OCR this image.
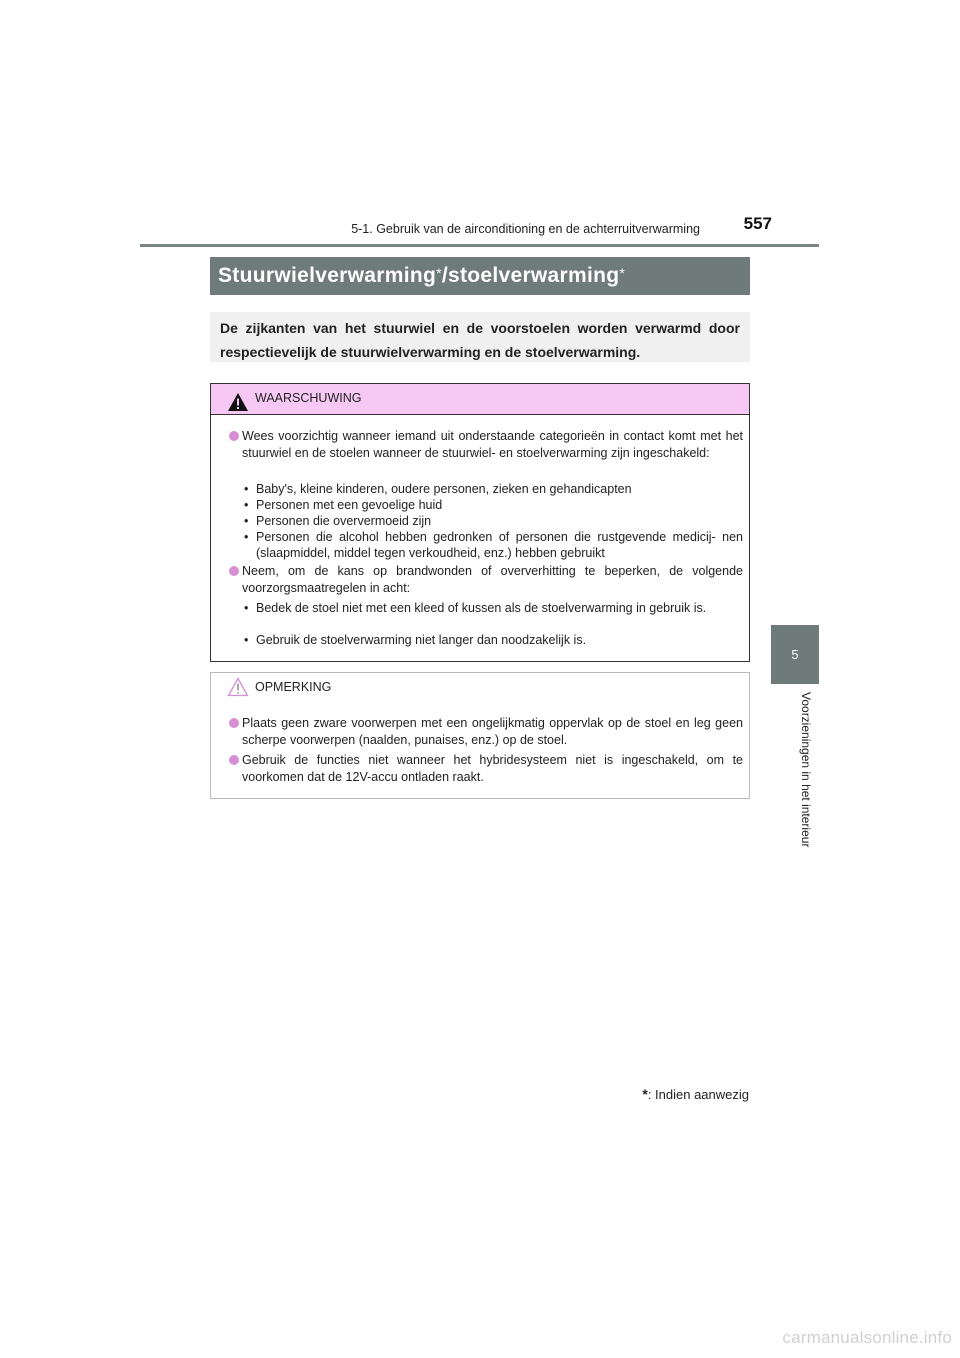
5-1. Gebruik van de airconditioning en de achterruitverwarming	557
5
Voorzieningen in het interieur
Stuurwielverwarming * /stoelverwarming *
De zijkanten van het stuurwiel en de voorstoelen worden verwarmd door respectievelijk de stuurwielverwarming en de stoelverwarming.
WAARSCHUWING
Wees voorzichtig wanneer iemand uit onderstaande categorieën in contact komt met het stuurwiel en de stoelen wanneer de stuurwiel- en stoelverwarming zijn ingeschakeld:
• Baby's, kleine kinderen, oudere personen, zieken en gehandicapten
• Personen met een gevoelige huid
• Personen die oververmoeid zijn
• Personen die alcohol hebben gedronken of personen die rustgevende medicij- nen (slaapmiddel, middel tegen verkoudheid, enz.) hebben gebruikt
Neem, om de kans op brandwonden of oververhitting te beperken, de volgende voorzorgsmaatregelen in acht:
• Bedek de stoel niet met een kleed of kussen als de stoelverwarming in gebruik is.
• Gebruik de stoelverwarming niet langer dan noodzakelijk is.
OPMERKING
Plaats geen zware voorwerpen met een ongelijkmatig oppervlak op de stoel en leg geen scherpe voorwerpen (naalden, punaises, enz.) op de stoel.
Gebruik de functies niet wanneer het hybridesysteem niet is ingeschakeld, om te voorkomen dat de 12V-accu ontladen raakt.
*: Indien aanwezig
carmanualsonline.info
